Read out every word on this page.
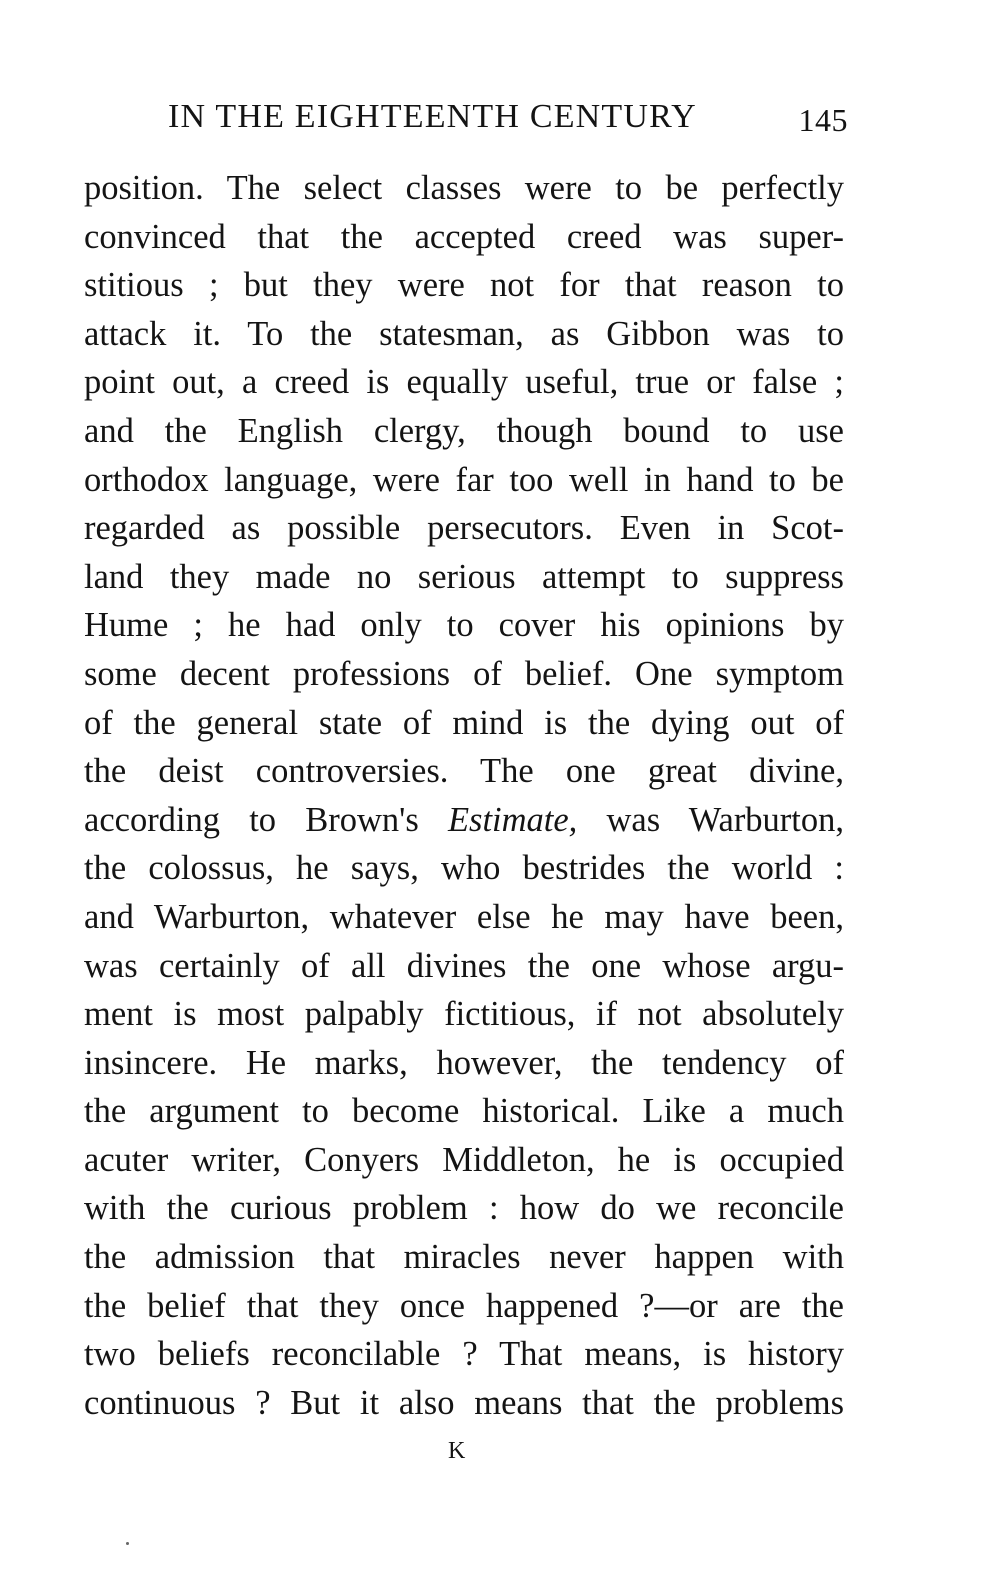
IN THE EIGHTEENTH CENTURY	145
position. The select classes were to be perfectly
convinced that the accepted creed was super-
stitious ; but they were not for that reason to
attack it. To the statesman, as Gibbon was to
point out, a creed is equally useful, true or false ;
and the English clergy, though bound to use
orthodox language, were far too well in hand to be
regarded as possible persecutors. Even in Scot-
land they made no serious attempt to suppress
Hume ; he had only to cover his opinions by
some decent professions of belief. One symptom
of the general state of mind is the dying out of
the deist controversies. The one great divine,
according to Brown's Estimate, was Warburton,
the colossus, he says, who bestrides the world :
and Warburton, whatever else he may have been,
was certainly of all divines the one whose argu-
ment is most palpably fictitious, if not absolutely
insincere. He marks, however, the tendency of
the argument to become historical. Like a much
acuter writer, Conyers Middleton, he is occupied
with the curious problem : how do we reconcile
the admission that miracles never happen with
the belief that they once happened ?—or are the
two beliefs reconcilable ? That means, is history
continuous ? But it also means that the problems
K
